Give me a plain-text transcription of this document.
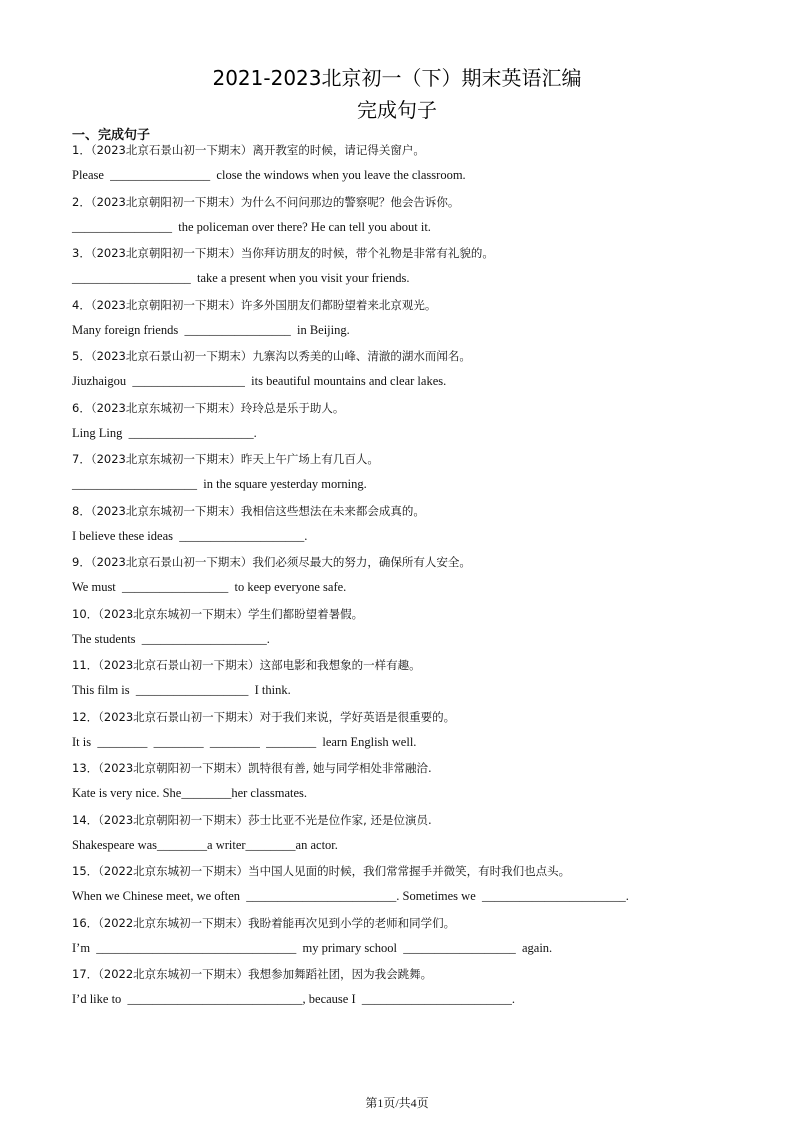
2021-2023北京初一（下）期末英语汇编
完成句子
一、完成句子
1．（2023北京石景山初一下期末）离开教室的时候，请记得关窗户。
Please  ________________  close the windows when you leave the classroom.
2．（2023北京朝阳初一下期末）为什么不问问那边的警察呢？他会告诉你。
________________  the policeman over there? He can tell you about it.
3．（2023北京朝阳初一下期末）当你拜访朋友的时候，带个礼物是非常有礼貌的。
___________________  take a present when you visit your friends.
4．（2023北京朝阳初一下期末）许多外国朋友们都盼望着来北京观光。
Many foreign friends  _________________  in Beijing.
5．（2023北京石景山初一下期末）九寨沟以秀美的山峰、清澈的湖水而闻名。
Jiuzhaigou  __________________  its beautiful mountains and clear lakes.
6．（2023北京东城初一下期末）玲玲总是乐于助人。
Ling Ling  ____________________.
7．（2023北京东城初一下期末）昨天上午广场上有几百人。
____________________  in the square yesterday morning.
8．（2023北京东城初一下期末）我相信这些想法在未来都会成真的。
I believe these ideas  ____________________.
9．（2023北京石景山初一下期末）我们必须尽最大的努力，确保所有人安全。
We must  _________________  to keep everyone safe.
10．（2023北京东城初一下期末）学生们都盼望着暑假。
The students  ____________________.
11．（2023北京石景山初一下期末）这部电影和我想象的一样有趣。
This film is  __________________  I think.
12．（2023北京石景山初一下期末）对于我们来说，学好英语是很重要的。
It is  ________  ________  ________  ________  learn English well.
13．（2023北京朝阳初一下期末）凯特很有善, 她与同学相处非常融洽.
Kate is very nice. She________her classmates.
14．（2023北京朝阳初一下期末）莎士比亚不光是位作家, 还是位演员.
Shakespeare was________a writer________an actor.
15．（2022北京东城初一下期末）当中国人见面的时候，我们常常握手并微笑，有时我们也点头。
When we Chinese meet, we often  ________________________. Sometimes we  _______________________.
16．（2022北京东城初一下期末）我盼着能再次见到小学的老师和同学们。
I’m  ________________________________  my primary school  __________________  again.
17．（2022北京东城初一下期末）我想参加舞蹈社团，因为我会跳舞。
I’d like to  ____________________________, because I  ________________________.
第1页/共4页
